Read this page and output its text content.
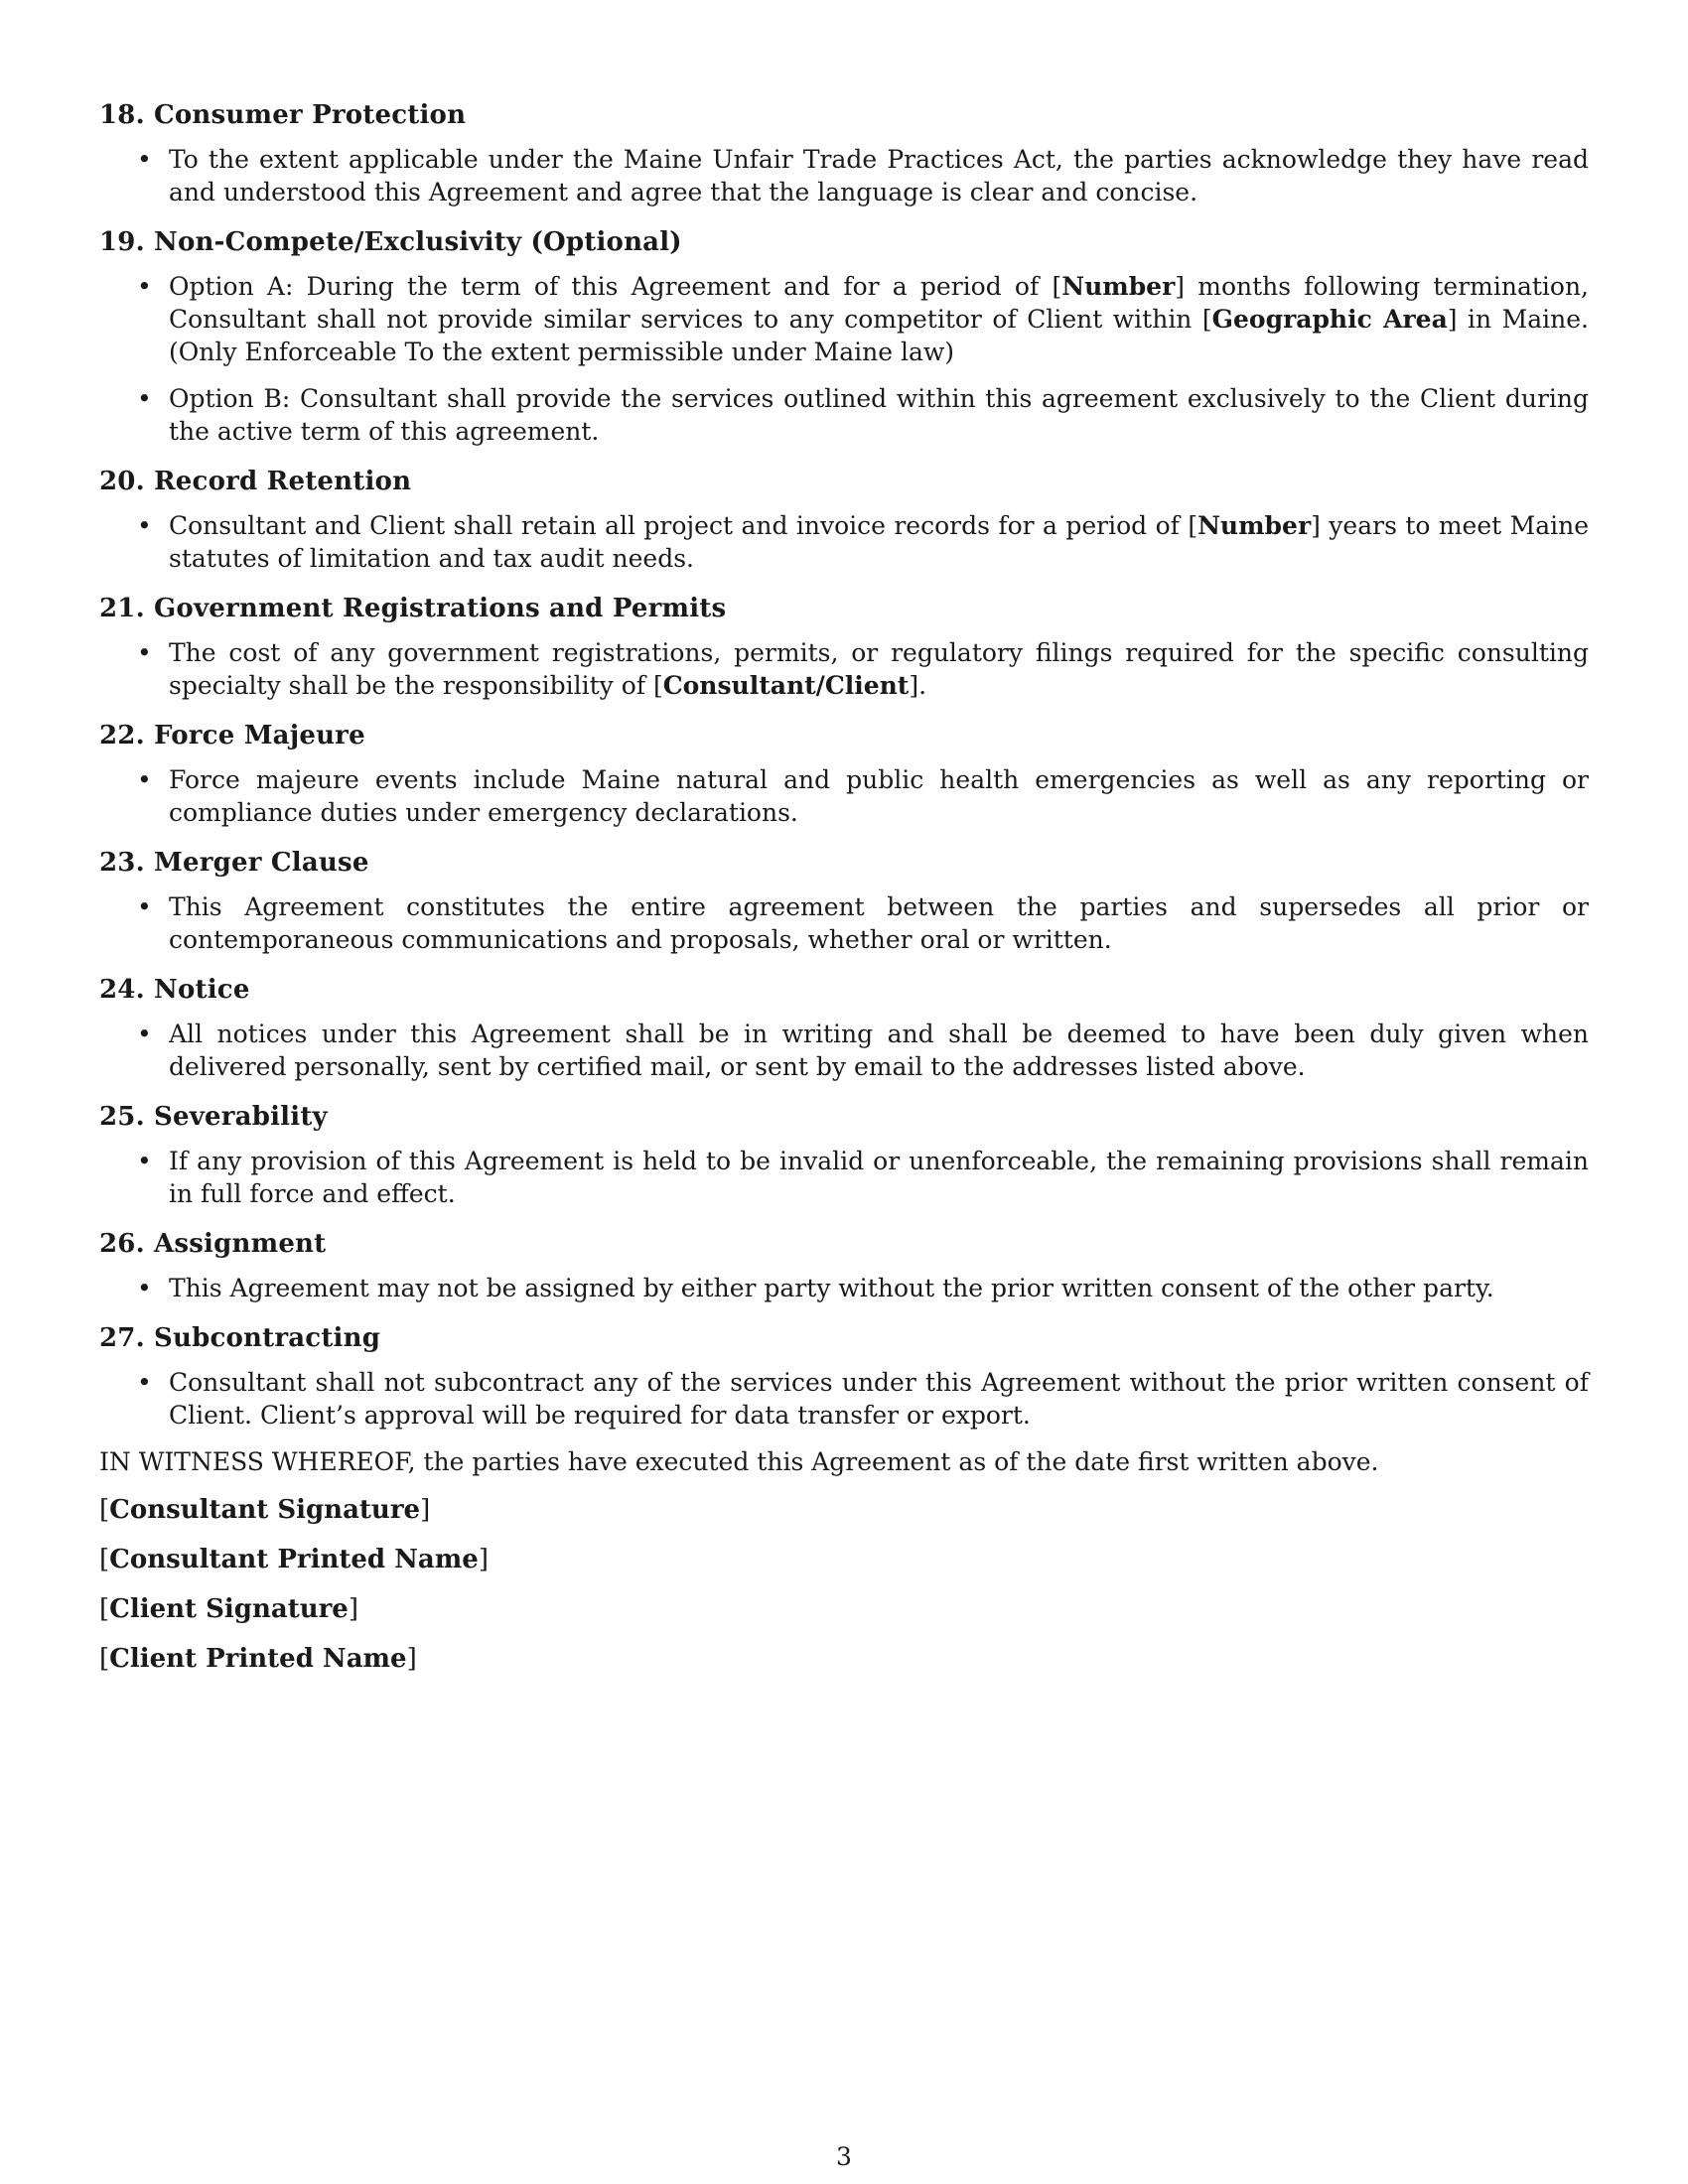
18. Consumer Protection
• To the extent applicable under the Maine Unfair Trade Practices Act, the parties acknowledge they have read and understood this Agreement and agree that the language is clear and concise.
19. Non-Compete/Exclusivity (Optional)
• Option A: During the term of this Agreement and for a period of [Number] months following termination, Consultant shall not provide similar services to any competitor of Client within [Geographic Area] in Maine. (Only Enforceable To the extent permissible under Maine law)
• Option B: Consultant shall provide the services outlined within this agreement exclusively to the Client during the active term of this agreement.
20. Record Retention
• Consultant and Client shall retain all project and invoice records for a period of [Number] years to meet Maine statutes of limitation and tax audit needs.
21. Government Registrations and Permits
• The cost of any government registrations, permits, or regulatory filings required for the specific consulting specialty shall be the responsibility of [Consultant/Client].
22. Force Majeure
• Force majeure events include Maine natural and public health emergencies as well as any reporting or compliance duties under emergency declarations.
23. Merger Clause
• This Agreement constitutes the entire agreement between the parties and supersedes all prior or contemporaneous communications and proposals, whether oral or written.
24. Notice
• All notices under this Agreement shall be in writing and shall be deemed to have been duly given when delivered personally, sent by certified mail, or sent by email to the addresses listed above.
25. Severability
• If any provision of this Agreement is held to be invalid or unenforceable, the remaining provisions shall remain in full force and effect.
26. Assignment
• This Agreement may not be assigned by either party without the prior written consent of the other party.
27. Subcontracting
• Consultant shall not subcontract any of the services under this Agreement without the prior written consent of Client. Client’s approval will be required for data transfer or export.

IN WITNESS WHEREOF, the parties have executed this Agreement as of the date first written above.

[Consultant Signature]
[Consultant Printed Name]
[Client Signature]
[Client Printed Name]
3
